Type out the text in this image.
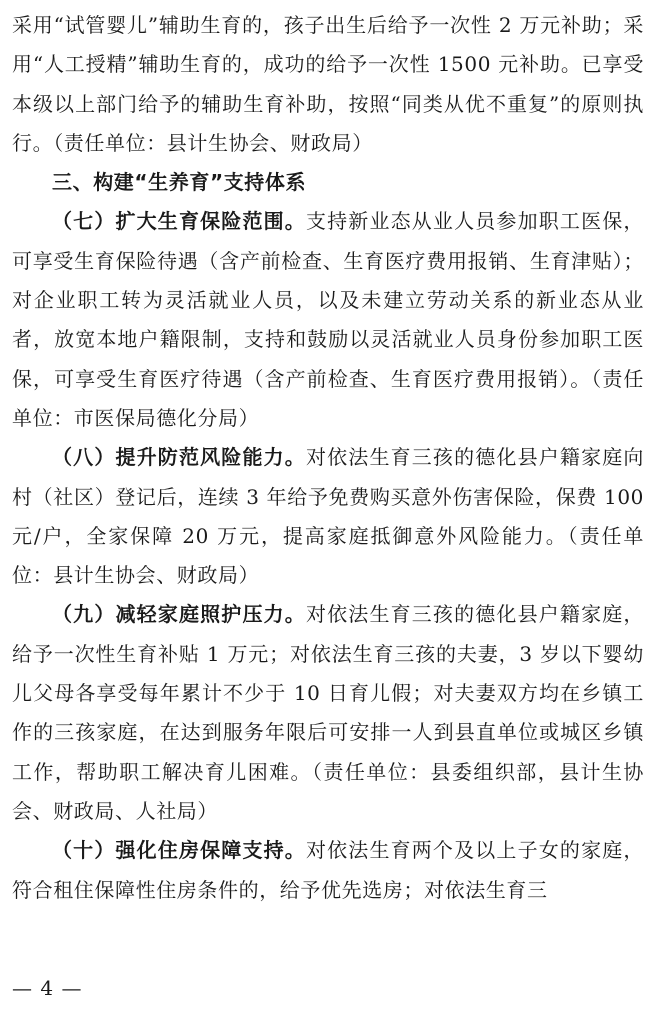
采用“试管婴儿”辅助生育的，孩子出生后给予一次性 2 万元补助；采用“人工授精”辅助生育的，成功的给予一次性 1500 元补助。已享受本级以上部门给予的辅助生育补助，按照“同类从优不重复”的原则执行。（责任单位：县计生协会、财政局）

三、构建“生养育”支持体系

（七）扩大生育保险范围。支持新业态从业人员参加职工医保，可享受生育保险待遇（含产前检查、生育医疗费用报销、生育津贴）；对企业职工转为灵活就业人员，以及未建立劳动关系的新业态从业者，放宽本地户籍限制，支持和鼓励以灵活就业人员身份参加职工医保，可享受生育医疗待遇（含产前检查、生育医疗费用报销）。（责任单位：市医保局德化分局）

（八）提升防范风险能力。对依法生育三孩的德化县户籍家庭向村（社区）登记后，连续 3 年给予免费购买意外伤害保险，保费 100 元/户，全家保障 20 万元，提高家庭抵御意外风险能力。（责任单位：县计生协会、财政局）

（九）减轻家庭照护压力。对依法生育三孩的德化县户籍家庭，给予一次性生育补贴 1 万元；对依法生育三孩的夫妻，3 岁以下婴幼儿父母各享受每年累计不少于 10 日育儿假；对夫妻双方均在乡镇工作的三孩家庭，在达到服务年限后可安排一人到县直单位或城区乡镇工作，帮助职工解决育儿困难。（责任单位：县委组织部，县计生协会、财政局、人社局）

（十）强化住房保障支持。对依法生育两个及以上子女的家庭，符合租住保障性住房条件的，给予优先选房；对依法生育三

— 4 —
